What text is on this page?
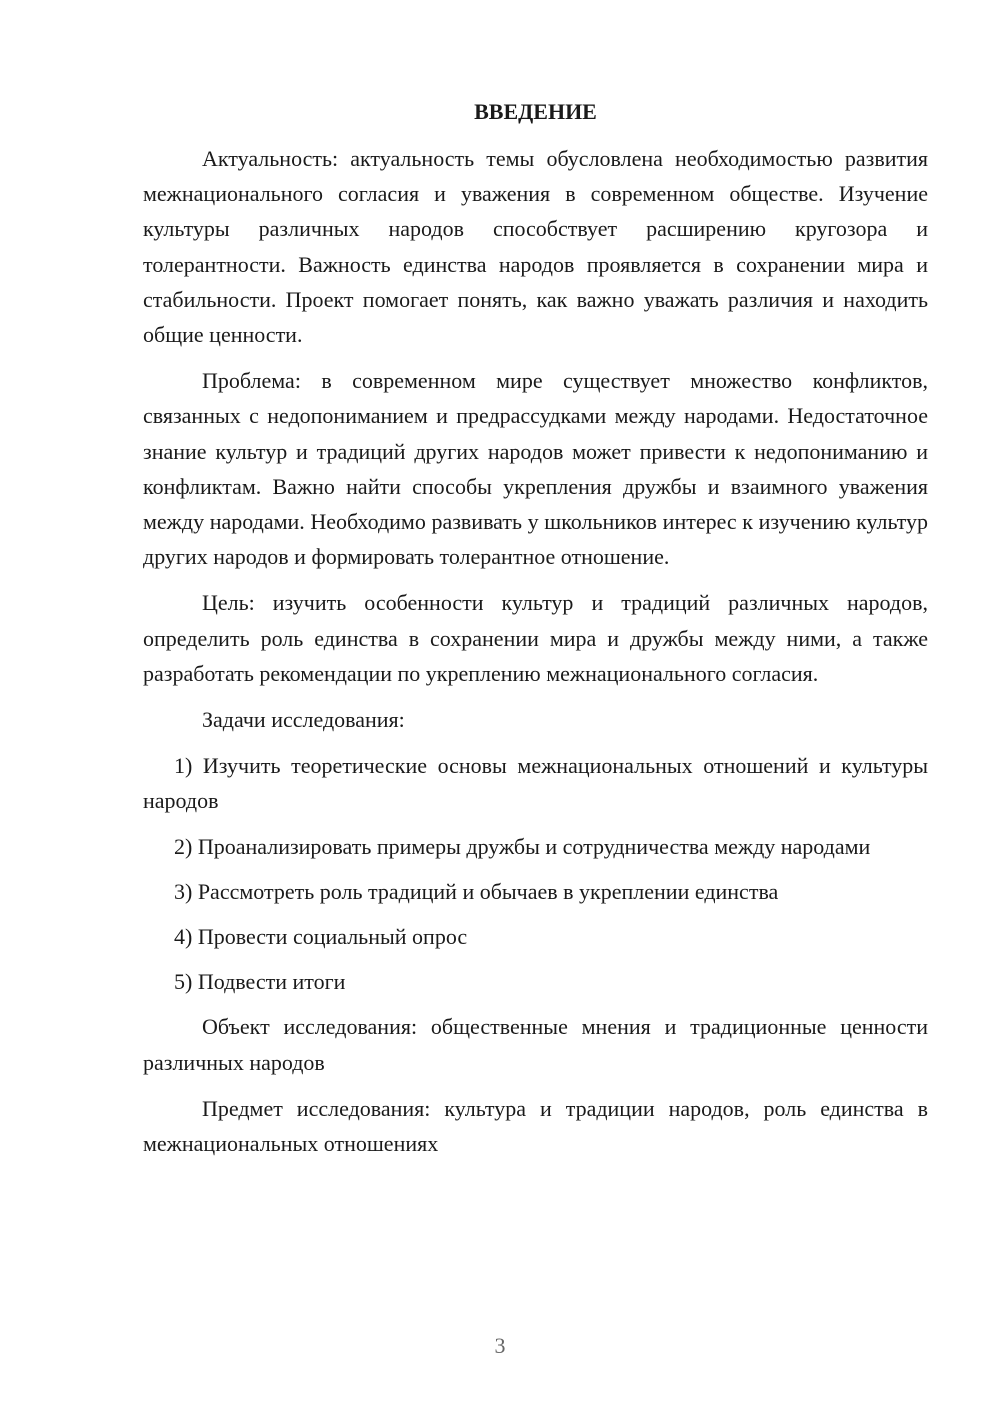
ВВЕДЕНИЕ

Актуальность: актуальность темы обусловлена необходимостью развития межнационального согласия и уважения в современном обществе. Изучение культуры различных народов способствует расширению кругозора и толерантности. Важность единства народов проявляется в сохранении мира и стабильности. Проект помогает понять, как важно уважать различия и находить общие ценности.

Проблема: в современном мире существует множество конфликтов, связанных с недопониманием и предрассудками между народами. Недостаточное знание культур и традиций других народов может привести к недопониманию и конфликтам. Важно найти способы укрепления дружбы и взаимного уважения между народами. Необходимо развивать у школьников интерес к изучению культур других народов и формировать толерантное отношение.

Цель: изучить особенности культур и традиций различных народов, определить роль единства в сохранении мира и дружбы между ними, а также разработать рекомендации по укреплению межнационального согласия.

Задачи исследования:

1) Изучить теоретические основы межнациональных отношений и культуры народов

2) Проанализировать примеры дружбы и сотрудничества между народами

3) Рассмотреть роль традиций и обычаев в укреплении единства

4) Провести социальный опрос

5) Подвести итоги

Объект исследования: общественные мнения и традиционные ценности различных народов

Предмет исследования: культура и традиции народов, роль единства в межнациональных отношениях

3
